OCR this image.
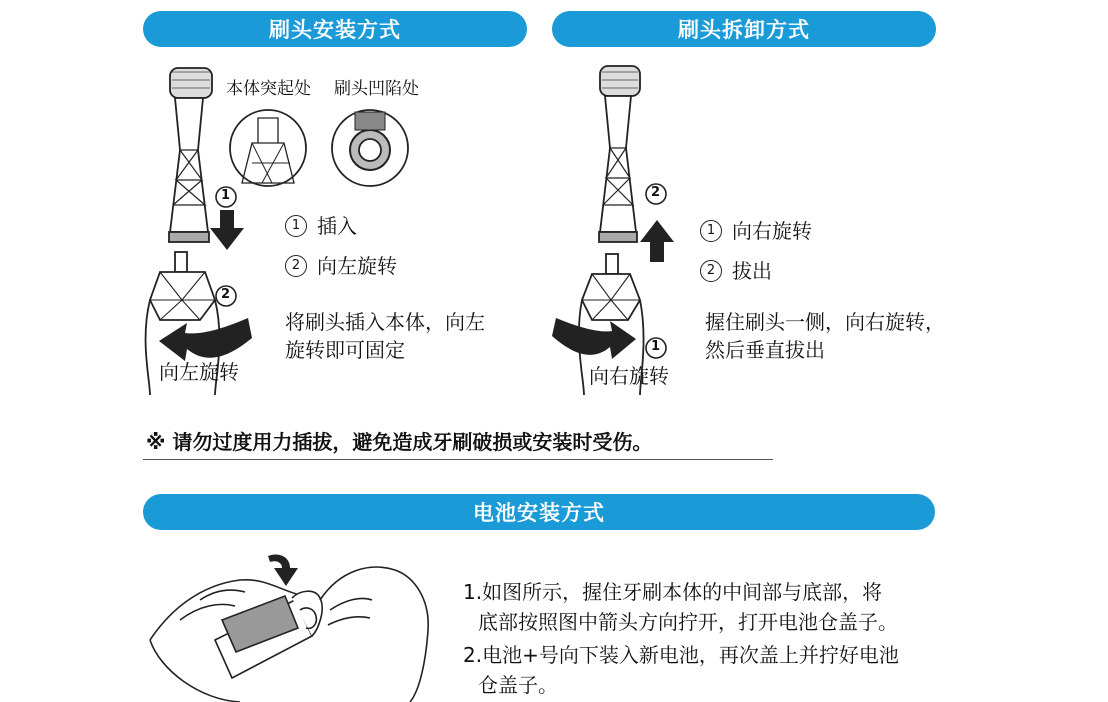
刷头安装方式	刷头拆卸方式
电池安装方式
1
2
本体突起处 刷头凹陷处
1 插入
2 向左旋转
将刷头插入本体，向左
旋转即可固定
向左旋转
2
1
1 向右旋转
2 拔出
握住刷头一侧，向右旋转，
然后垂直拔出
向右旋转
※ 请勿过度用力插拔，避免造成牙刷破损或安装时受伤。
1.如图所示，握住牙刷本体的中间部与底部，将
底部按照图中箭头方向拧开，打开电池仓盖子。
2.电池+号向下装入新电池，再次盖上并拧好电池
仓盖子。
